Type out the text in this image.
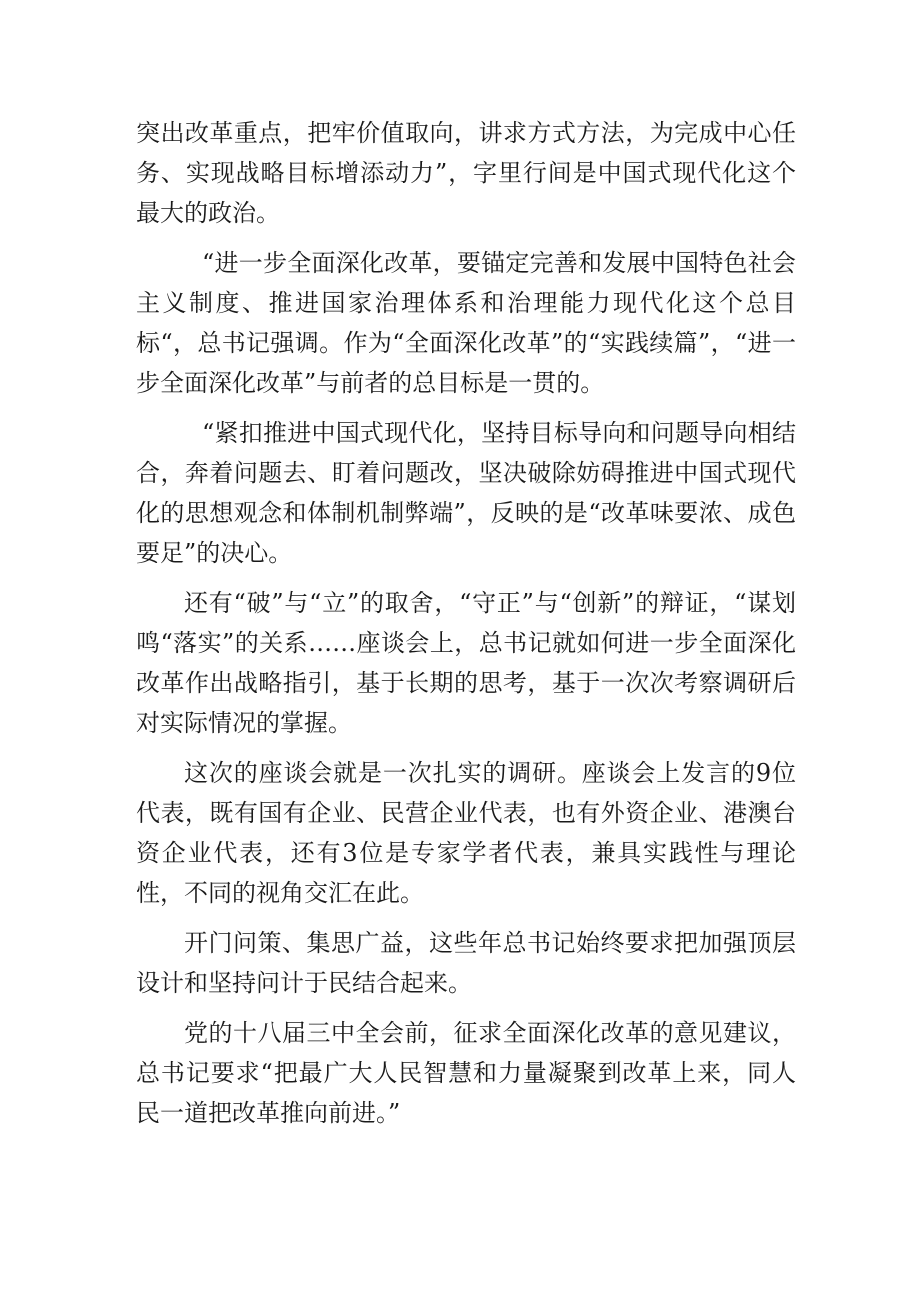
突出改革重点，把牢价值取向，讲求方式方法，为完成中心任务、实现战略目标增添动力”，字里行间是中国式现代化这个最大的政治。

“进一步全面深化改革，要锚定完善和发展中国特色社会主义制度、推进国家治理体系和治理能力现代化这个总目标“，总书记强调。作为“全面深化改革”的“实践续篇”，“进一步全面深化改革”与前者的总目标是一贯的。

“紧扣推进中国式现代化，坚持目标导向和问题导向相结合，奔着问题去、盯着问题改，坚决破除妨碍推进中国式现代化的思想观念和体制机制弊端”，反映的是“改革味要浓、成色要足”的决心。

还有“破”与“立”的取舍，“守正”与“创新”的辩证，“谋划鸣“落实”的关系……座谈会上，总书记就如何进一步全面深化改革作出战略指引，基于长期的思考，基于一次次考察调研后对实际情况的掌握。

这次的座谈会就是一次扎实的调研。座谈会上发言的9位代表，既有国有企业、民营企业代表，也有外资企业、港澳台资企业代表，还有3位是专家学者代表，兼具实践性与理论性，不同的视角交汇在此。

开门问策、集思广益，这些年总书记始终要求把加强顶层设计和坚持问计于民结合起来。

党的十八届三中全会前，征求全面深化改革的意见建议，总书记要求“把最广大人民智慧和力量凝聚到改革上来，同人民一道把改革推向前进。”
